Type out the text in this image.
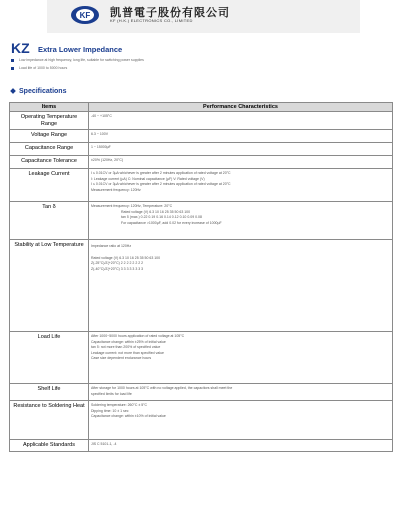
KF 凯普電子股份有限公司
KF (H.K.) ELECTRONICS CO., LIMITED
KZ Extra Lower Impedance
Low impedance at high frequency, long life, suitable for switching power supplies
Load life of 1000 to 5000 hours
Specifications
Items	Performance Characteristics
Operating Temperature Range	-40 ~ +105°C

Voltage Range	6.3 ~ 100V

Capacitance Range	1 ~ 15000µF

Capacitance Tolerance	±20% (120Hz, 20°C)

Leakage Current	I ≤ 0.01CV or 3µA whichever is greater after 2 minutes application of rated voltage at 20°C
I: Leakage current (µA) C: Nominal capacitance (µF) V: Rated voltage (V)
I ≤ 0.01CV or 3µA whichever is greater after 2 minutes application of rated voltage at 20°C
Measurement frequency: 120Hz

Tan δ	Measurement frequency: 120Hz, Temperature: 20°C
Rated voltage (V) 6.3 10 16 25 35 50 63 100
tan δ (max.) 0.22 0.19 0.16 0.14 0.12 0.10 0.09 0.08
For capacitance >1000µF, add 0.02 for every increase of 1000µF

Stability at Low Temperature	Impedance ratio at 120Hz
Rated voltage (V) 6.3 10 16 25 35 50 63 100
Z(-25°C)/Z(+20°C) 2 2 2 2 2 2 2 2
Z(-40°C)/Z(+20°C) 3 3 3 3 3 3 3 3

Load Life	After 1000~5000 hours application of rated voltage at 105°C
Capacitance change: within ±25% of initial value
tan δ: not more than 200% of specified value
Leakage current: not more than specified value
Case size dependent endurance hours

Shelf Life	After storage for 1000 hours at 105°C with no voltage applied, the capacitors shall meet the
specified limits for load life

Resistance to Soldering Heat	Soldering temperature: 260°C ± 5°C
Dipping time: 10 ± 1 sec
Capacitance change: within ±10% of initial value

Applicable Standards	JIS C 5101-1, -4
